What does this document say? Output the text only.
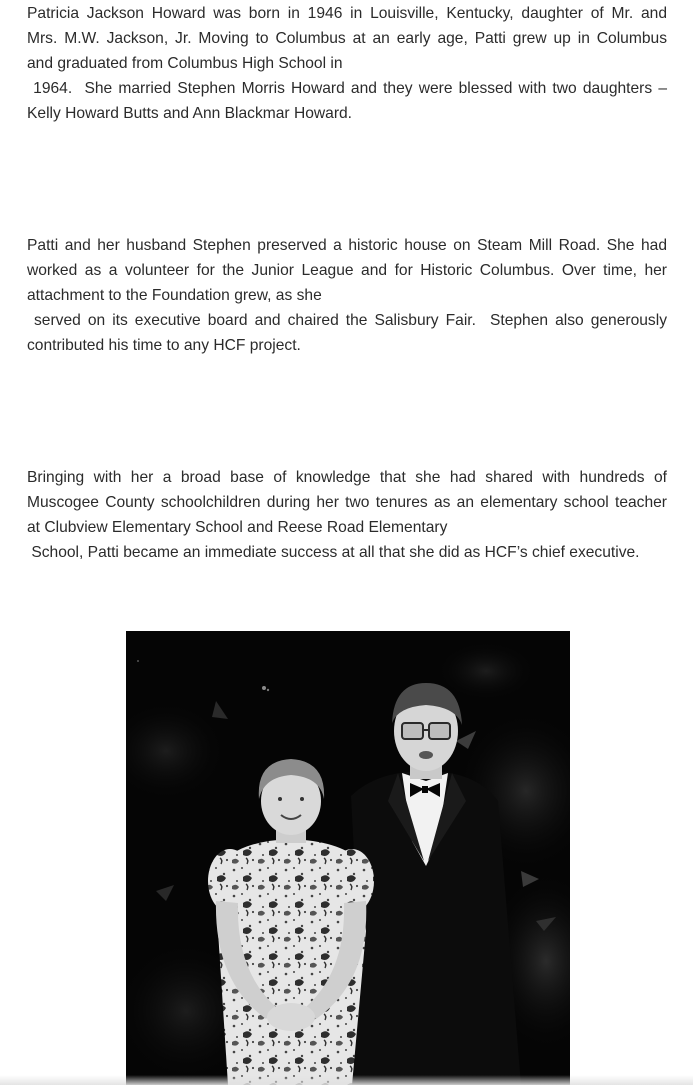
Patricia Jackson Howard was born in 1946 in Louisville, Kentucky, daughter of Mr. and
Mrs. M.W. Jackson, Jr. Moving to Columbus at an early age, Patti grew up in Columbus
and graduated from Columbus High School in
1964.  She married Stephen Morris Howard and they were blessed with two daughters –
Kelly Howard Butts and Ann Blackmar Howard.
Patti and her husband Stephen preserved a historic house on Steam Mill Road. She had
worked as a volunteer for the Junior League and for Historic Columbus. Over time, her
attachment to the Foundation grew, as she
served on its executive board and chaired the Salisbury Fair.  Stephen also generously
contributed his time to any HCF project.
Bringing with her a broad base of knowledge that she had shared with hundreds of
Muscogee County schoolchildren during her two tenures as an elementary school teacher
at Clubview Elementary School and Reese Road Elementary
School, Patti became an immediate success at all that she did as HCF’s chief executive.
